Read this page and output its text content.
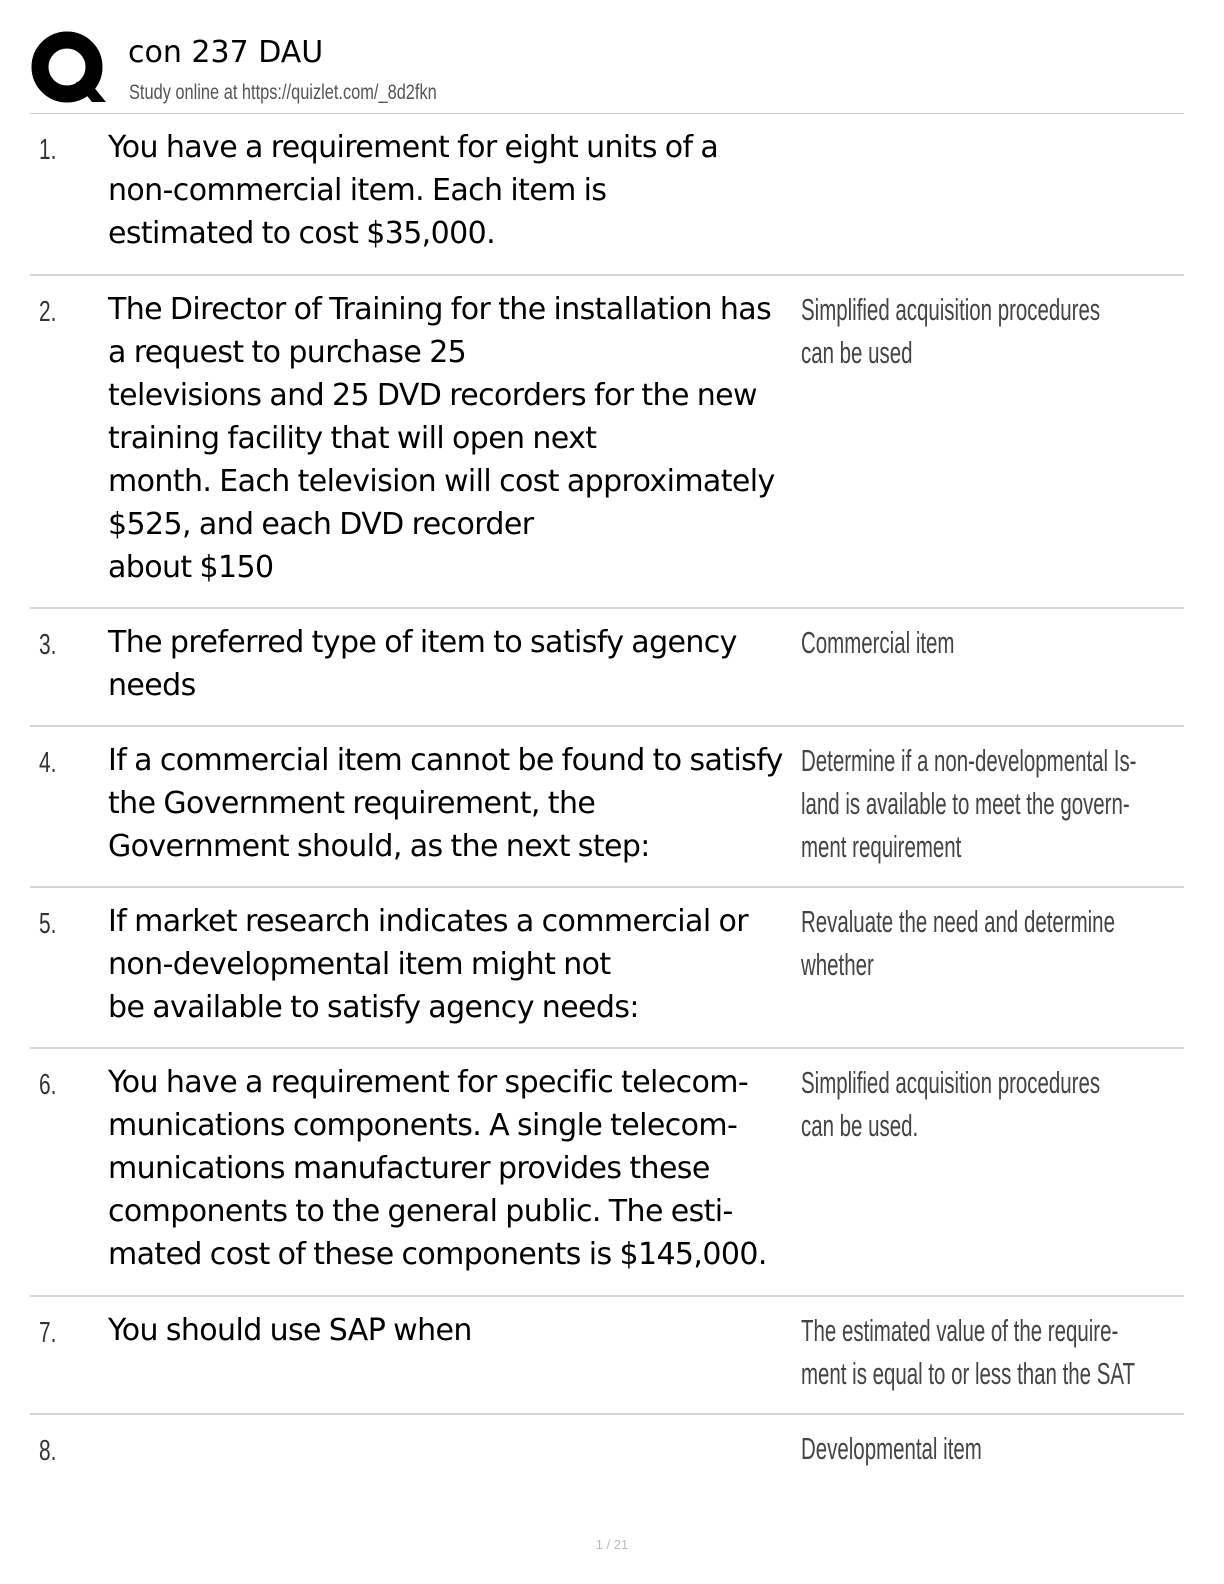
con 237 DAU
Study online at https://quizlet.com/_8d2fkn
1. You have a requirement for eight units of a
non-commercial item. Each item is
estimated to cost $35,000.
2. The Director of Training for the installation has
a request to purchase 25
televisions and 25 DVD recorders for the new
training facility that will open next
month. Each television will cost approximately
$525, and each DVD recorder
about $150
Simplified acquisition procedures
can be used
3. The preferred type of item to satisfy agency
needs
Commercial item
4. If a commercial item cannot be found to satisfy
the Government requirement, the
Government should, as the next step:
Determine if a non-developmental Is-
land is available to meet the govern-
ment requirement
5. If market research indicates a commercial or
non-developmental item might not
be available to satisfy agency needs:
Revaluate the need and determine
whether
6. You have a requirement for specific telecom-
munications components. A single telecom-
munications manufacturer provides these
components to the general public. The esti-
mated cost of these components is $145,000.
Simplified acquisition procedures
can be used.
7. You should use SAP when	The estimated value of the require-
ment is equal to or less than the SAT
8.	Developmental item
1 / 21
